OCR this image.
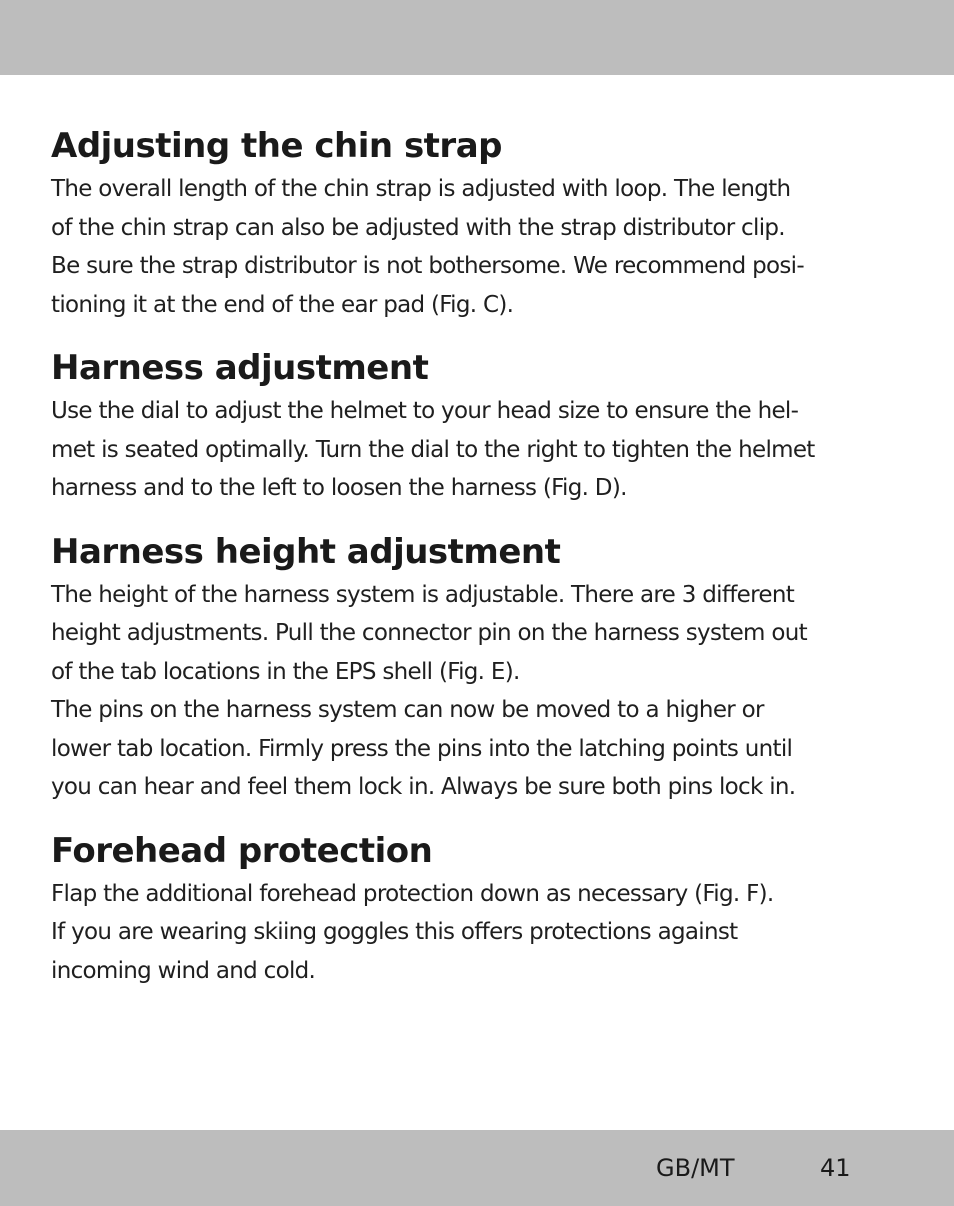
Adjusting the chin strap
The overall length of the chin strap is adjusted with loop. The length
of the chin strap can also be adjusted with the strap distributor clip.
Be sure the strap distributor is not bothersome. We recommend posi-
tioning it at the end of the ear pad (Fig. C).
Harness adjustment
Use the dial to adjust the helmet to your head size to ensure the hel-
met is seated optimally. Turn the dial to the right to tighten the helmet
harness and to the left to loosen the harness (Fig. D).
Harness height adjustment
The height of the harness system is adjustable. There are 3 different
height adjustments. Pull the connector pin on the harness system out
of the tab locations in the EPS shell (Fig. E).
The pins on the harness system can now be moved to a higher or
lower tab location. Firmly press the pins into the latching points until
you can hear and feel them lock in. Always be sure both pins lock in.
Forehead protection
Flap the additional forehead protection down as necessary (Fig. F).
If you are wearing skiing goggles this offers protections against
incoming wind and cold.
GB/MT	41
